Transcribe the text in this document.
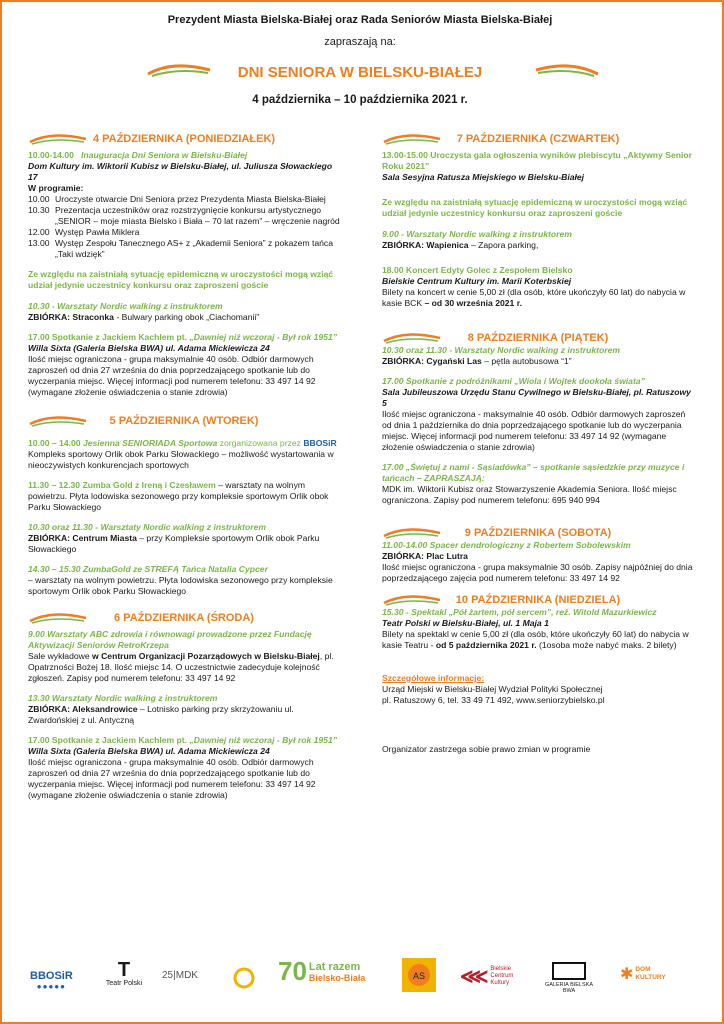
Prezydent Miasta Bielska-Białej oraz Rada Seniorów Miasta Bielska-Białej
zapraszają na:
DNI SENIORA W BIELSKU-BIAŁEJ
4 października – 10 października 2021 r.
4 PAŹDZIERNIKA (PONIEDZIAŁEK)
10.00-14.00 Inauguracja Dni Seniora w Bielsku-Białej
Dom Kultury im. Wiktorii Kubisz w Bielsku-Białej, ul. Juliusza Słowackiego 17
W programie:
10.00 Uroczyste otwarcie Dni Seniora przez Prezydenta Miasta Bielska-Białej
10.30 Prezentacja uczestników oraz rozstrzygnięcie konkursu artystycznego „SENIOR – moje miasta Bielsko i Biała – 70 lat razem” – wręczenie nagród
12.00 Występ Pawła Miklera
13.00 Występ Zespołu Tanecznego AS+ z „Akademii Seniora” z pokazem tańca „Taki wdzięk”
Ze względu na zaistniałą sytuację epidemiczną w uroczystości mogą wziąć udział jedynie uczestnicy konkursu oraz zaproszeni goście
10.30 - Warsztaty Nordic walking z instruktorem
ZBIÓRKA: Straconka - Bulwary parking obok „Ciachomanii”
17.00 Spotkanie z Jackiem Kachlem pt. „Dawniej niż wczoraj - Był rok 1951”
Willa Sixta (Galeria Bielska BWA) ul. Adama Mickiewicza 24
Ilość miejsc ograniczona - grupa maksymalnie 40 osób. Odbiór darmowych zaproszeń od dnia 27 września do dnia poprzedzającego spotkanie lub do wyczerpania miejsc. Więcej informacji pod numerem telefonu: 33 497 14 92 (wymagane złożenie oświadczenia o stanie zdrowia)
5 PAŹDZIERNIKA (WTOREK)
10.00 – 14.00 Jesienna SENIORIADA Sportowa zorganizowana przez BBOSiR
Kompleks sportowy Orlik obok Parku Słowackiego – możliwość wystartowania w nieoczywistych konkurencjach sportowych
11.30 – 12.30 Zumba Gold z Ireną i Czesławem – warsztaty na wolnym powietrzu. Płyta lodowiska sezonowego przy kompleksie sportowym Orlik obok Parku Słowackiego
10.30 oraz 11.30 - Warsztaty Nordic walking z instruktorem
ZBIÓRKA: Centrum Miasta – przy Kompleksie sportowym Orlik obok Parku Słowackiego
14.30 – 15.30 ZumbaGold ze STREFĄ Tańca Natalia Cypcer
– warsztaty na wolnym powietrzu. Płyta lodowiska sezonowego przy kompleksie sportowym Orlik obok Parku Słowackiego
6 PAŹDZIERNIKA (ŚRODA)
9.00 Warsztaty ABC zdrowia i równowagi prowadzone przez Fundację Aktywizacji Seniorów RetroKrzepa
Sale wykładowe w Centrum Organizacji Pozarządowych w Bielsku-Białej, pl. Opatrzności Bożej 18. Ilość miejsc 14. O uczestnictwie zadecyduje kolejność zgłoszeń. Zapisy pod numerem telefonu: 33 497 14 92
13.30 Warsztaty Nordic walking z instruktorem
ZBIÓRKA: Aleksandrowice – Lotnisko parking przy skrzyżowaniu ul. Zwardońskiej z ul. Antyczną
17.00 Spotkanie z Jackiem Kachlem pt. „Dawniej niż wczoraj - Był rok 1951”
Willa Sixta (Galeria Bielska BWA) ul. Adama Mickiewicza 24
Ilość miejsc ograniczona - grupa maksymalnie 40 osób. Odbiór darmowych zaproszeń od dnia 27 września do dnia poprzedzającego spotkanie lub do wyczerpania miejsc. Więcej informacji pod numerem telefonu: 33 497 14 92 (wymagane złożenie oświadczenia o stanie zdrowia)
7 PAŹDZIERNIKA (CZWARTEK)
13.00-15.00 Uroczysta gala ogłoszenia wyników plebiscytu „Aktywny Senior Roku 2021”
Sala Sesyjna Ratusza Miejskiego w Bielsku-Białej
Ze względu na zaistniałą sytuację epidemiczną w uroczystości mogą wziąć udział jedynie uczestnicy konkursu oraz zaproszeni goście
9.00 - Warsztaty Nordic walking z instruktorem
ZBIÓRKA: Wapienica – Zapora parking,
18.00 Koncert Edyty Golec z Zespołem Bielsko
Bielskie Centrum Kultury im. Marii Koterbskiej
Bilety na koncert w cenie 5,00 zł (dla osób, które ukończyły 60 lat) do nabycia w kasie BCK – od 30 września 2021 r.
8 PAŹDZIERNIKA (PIĄTEK)
10.30 oraz 11.30 - Warsztaty Nordic walking z instruktorem
ZBIÓRKA: Cygański Las – pętla autobusowa “1”
17.00 Spotkanie z podróżnikami „Wiola i Wojtek dookoła świata”
Sala Jubileuszowa Urzędu Stanu Cywilnego w Bielsku-Białej, pl. Ratuszowy 5
Ilość miejsc ograniczona - maksymalnie 40 osób. Odbiór darmowych zaproszeń od dnia 1 października do dnia poprzedzającego spotkanie lub do wyczerpania miejsc. Więcej informacji pod numerem telefonu: 33 497 14 92 (wymagane złożenie oświadczenia o stanie zdrowia)
17.00 „Świętuj z nami - Sąsiadówka” – spotkanie sąsiedzkie przy muzyce i tańcach – ZAPRASZAJĄ:
MDK im. Wiktorii Kubisz oraz Stowarzyszenie Akademia Seniora. Ilość miejsc ograniczona. Zapisy pod numerem telefonu: 695 940 994
9 PAŹDZIERNIKA (SOBOTA)
11.00-14.00 Spacer dendrologiczny z Robertem Sobolewskim
ZBIÓRKA: Plac Lutra
Ilość miejsc ograniczona - grupa maksymalnie 30 osób. Zapisy najpóźniej do dnia poprzedzającego zajęcia pod numerem telefonu: 33 497 14 92
10 PAŹDZIERNIKA (NIEDZIELA)
15.30 - Spektakl „Pół żartem, pół sercem”, reż. Witold Mazurkiewicz
Teatr Polski w Bielsku-Białej, ul. 1 Maja 1
Bilety na spektakl w cenie 5,00 zł (dla osób, które ukończyły 60 lat) do nabycia w kasie Teatru - od 5 października 2021 r. (1osoba może nabyć maks. 2 bilety)
Szczegółowe informacje:
Urząd Miejski w Bielsku-Białej Wydział Polityki Społecznej
pl. Ratuszowy 6, tel. 33 49 71 492, www.seniorzybielsko.pl
Organizator zastrzega sobie prawo zmian w programie
BBOSiR
●●●●●
T
Teatr Polski
25|MDK	70 Lat razem
Bielsko-Biała	AS ⋘ Bielskie Centrum Kultury	GALERIA BIELSKA BWA
✱ DOM KULTURY
